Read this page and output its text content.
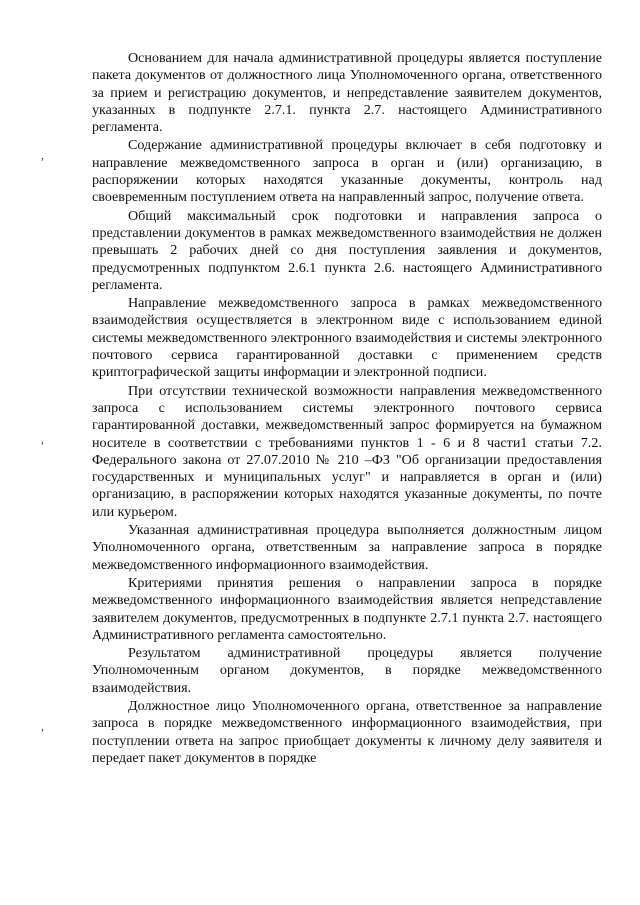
,
,
,

Основанием для начала административной процедуры является поступление пакета документов от должностного лица Уполномоченного органа, ответственного за прием и регистрацию документов, и непредставление заявителем документов, указанных в подпункте 2.7.1. пункта 2.7. настоящего Административного регламента.

Содержание административной процедуры включает в себя подготовку и направление межведомственного запроса в орган и (или) организацию, в распоряжении которых находятся указанные документы, контроль над своевременным поступлением ответа на направленный запрос, получение ответа.

Общий максимальный срок подготовки и направления запроса о представлении документов в рамках межведомственного взаимодействия не должен превышать 2 рабочих дней со дня поступления заявления и документов, предусмотренных подпунктом 2.6.1 пункта 2.6. настоящего Административного регламента.

Направление межведомственного запроса в рамках межведомственного взаимодействия осуществляется в электронном виде с использованием единой системы межведомственного электронного взаимодействия и системы электронного почтового сервиса гарантированной доставки с применением средств криптографической защиты информации и электронной подписи.

При отсутствии технической возможности направления межведомственного запроса с использованием системы электронного почтового сервиса гарантированной доставки, межведомственный запрос формируется на бумажном носителе в соответствии с требованиями пунктов 1 - 6 и 8 части1 статьи 7.2. Федерального закона от 27.07.2010 № 210 –ФЗ "Об организации предоставления государственных и муниципальных услуг" и направляется в орган и (или) организацию, в распоряжении которых находятся указанные документы, по почте или курьером.

Указанная административная процедура выполняется должностным лицом Уполномоченного органа, ответственным за направление запроса в порядке межведомственного информационного взаимодействия.

Критериями принятия решения о направлении запроса в порядке межведомственного информационного взаимодействия является непредставление заявителем документов, предусмотренных в подпункте 2.7.1 пункта 2.7. настоящего Административного регламента самостоятельно.

Результатом административной процедуры является получение Уполномоченным органом документов, в порядке межведомственного взаимодействия.

Должностное лицо Уполномоченного органа, ответственное за направление запроса в порядке межведомственного информационного взаимодействия, при поступлении ответа на запрос приобщает документы к личному делу заявителя и передает пакет документов в порядке
